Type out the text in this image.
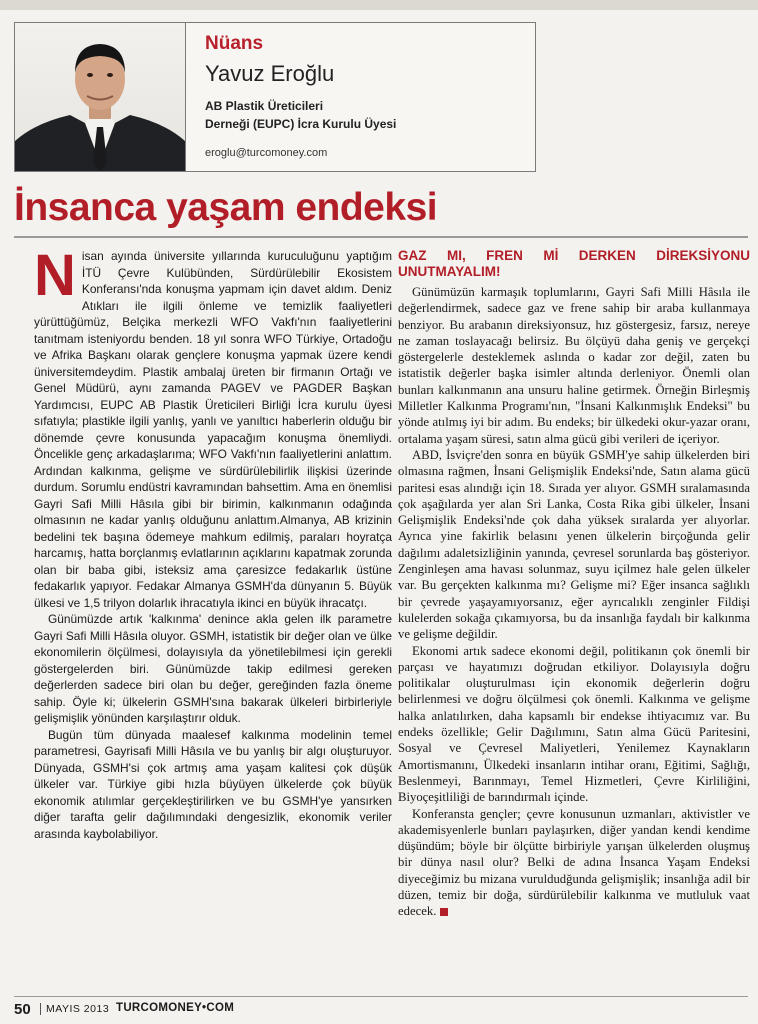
Nüans
Yavuz Eroğlu
AB Plastik Üreticileri
Derneği (EUPC) İcra Kurulu Üyesi
eroglu@turcomoney.com
İnsanca yaşam endeksi

Nisan ayında üniversite yıllarında kuruculuğunu yaptığım İTÜ Çevre Kulübünden, Sürdürülebilir Ekosistem Konferansı'nda konuşma yapmam için davet aldım. Deniz Atıkları ile ilgili önleme ve temizlik faaliyetleri yürüttüğümüz, Belçika merkezli WFO Vakfı'nın faaliyetlerini tanıtmam isteniyordu benden. 18 yıl sonra WFO Türkiye, Ortadoğu ve Afrika Başkanı olarak gençlere konuşma yapmak üzere kendi üniversitemdeydim. Plastik ambalaj üreten bir firmanın Ortağı ve Genel Müdürü, aynı zamanda PAGEV ve PAGDER Başkan Yardımcısı, EUPC AB Plastik Üreticileri Birliği İcra kurulu üyesi sıfatıyla; plastikle ilgili yanlış, yanlı ve yanıltıcı haberlerin olduğu bir dönemde çevre konusunda yapacağım konuşma önemliydi. Öncelikle genç arkadaşlarıma; WFO Vakfı'nın faaliyetlerini anlattım. Ardından kalkınma, gelişme ve sürdürülebilirlik ilişkisi üzerinde durdum. Sorumlu endüstri kavramından bahsettim. Ama en önemlisi Gayri Safi Milli Hâsıla gibi bir birimin, kalkınmanın odağında olmasının ne kadar yanlış olduğunu anlattım.Almanya, AB krizinin bedelini tek başına ödemeye mahkum edilmiş, paraları hoyratça harcamış, hatta borçlanmış evlatlarının açıklarını kapatmak zorunda olan bir baba gibi, isteksiz ama çaresizce fedakarlık üstüne fedakarlık yapıyor. Fedakar Almanya GSMH'da dünyanın 5. Büyük ülkesi ve 1,5 trilyon dolarlık ihracatıyla ikinci en büyük ihracatçı.

Günümüzde artık 'kalkınma' denince akla gelen ilk parametre Gayri Safi Milli Hâsıla oluyor. GSMH, istatistik bir değer olan ve ülke ekonomilerin ölçülmesi, dolayısıyla da yönetilebilmesi için gerekli göstergelerden biri. Günümüzde takip edilmesi gereken değerlerden sadece biri olan bu değer, gereğinden fazla öneme sahip. Öyle ki; ülkelerin GSMH'sına bakarak ülkeleri birbirleriyle gelişmişlik yönünden karşılaştırır olduk.

Bugün tüm dünyada maalesef kalkınma modelinin temel parametresi, Gayrisafi Milli Hâsıla ve bu yanlış bir algı oluşturuyor. Dünyada, GSMH'si çok artmış ama yaşam kalitesi çok düşük ülkeler var. Türkiye gibi hızla büyüyen ülkelerde çok büyük ekonomik atılımlar gerçekleştirilirken ve bu GSMH'ye yansırken diğer tarafta gelir dağılımındaki dengesizlik, ekonomik veriler arasında kaybolabiliyor.

GAZ MI, FREN Mİ DERKEN DİREKSİYONU UNUTMAYALIM!

Günümüzün karmaşık toplumlarını, Gayri Safi Milli Hâsıla ile değerlendirmek, sadece gaz ve frene sahip bir araba kullanmaya benziyor. Bu arabanın direksiyonsuz, hız göstergesiz, farsız, nereye ne zaman toslayacağı belirsiz. Bu ölçüyü daha geniş ve gerçekçi göstergelerle desteklemek aslında o kadar zor değil, zaten bu istatistik değerler başka isimler altında derleniyor. Önemli olan bunları kalkınmanın ana unsuru haline getirmek. Örneğin Birleşmiş Milletler Kalkınma Programı'nın, "İnsani Kalkınmışlık Endeksi" bu yönde atılmış iyi bir adım. Bu endeks; bir ülkedeki okur-yazar oranı, ortalama yaşam süresi, satın alma gücü gibi verileri de içeriyor.

ABD, İsviçre'den sonra en büyük GSMH'ye sahip ülkelerden biri olmasına rağmen, İnsani Gelişmişlik Endeksi'nde, Satın alama gücü paritesi esas alındığı için 18. Sırada yer alıyor. GSMH sıralamasında çok aşağılarda yer alan Sri Lanka, Costa Rika gibi ülkeler, İnsani Gelişmişlik Endeksi'nde çok daha yüksek sıralarda yer alıyorlar. Ayrıca yine fakirlik belasını yenen ülkelerin birçoğunda gelir dağılımı adaletsizliğinin yanında, çevresel sorunlarda baş gösteriyor. Zenginleşen ama havası solunmaz, suyu içilmez hale gelen ülkeler var. Bu gerçekten kalkınma mı? Gelişme mi? Eğer insanca sağlıklı bir çevrede yaşayamıyorsanız, eğer ayrıcalıklı zenginler Fildişi kulelerden sokağa çıkamıyorsa, bu da insanlığa faydalı bir kalkınma ve gelişme değildir.

Ekonomi artık sadece ekonomi değil, politikanın çok önemli bir parçası ve hayatımızı doğrudan etkiliyor. Dolayısıyla doğru politikalar oluşturulması için ekonomik değerlerin doğru belirlenmesi ve doğru ölçülmesi çok önemli. Kalkınma ve gelişme halka anlatılırken, daha kapsamlı bir endekse ihtiyacımız var. Bu endeks özellikle; Gelir Dağılımını, Satın alma Gücü Paritesini, Sosyal ve Çevresel Maliyetleri, Yenilemez Kaynakların Amortismanını, Ülkedeki insanların intihar oranı, Eğitimi, Sağlığı, Beslenmeyi, Barınmayı, Temel Hizmetleri, Çevre Kirliliğini, Biyoçeşitliliği de barındırmalı içinde.

Konferansta gençler; çevre konusunun uzmanları, aktivistler ve akademisyenlerle bunları paylaşırken, diğer yandan kendi kendime düşündüm; böyle bir ölçütte birbiriyle yarışan ülkelerden oluşmuş bir dünya nasıl olur? Belki de adına İnsanca Yaşam Endeksi diyeceğimiz bu mizana vuruldudğunda gelişmişlik; insanlığa adil bir düzen, temiz bir doğa, sürdürülebilir kalkınma ve mutluluk vaat edecek.

50 MAYIS 2013 TURCOMONEY•COM
